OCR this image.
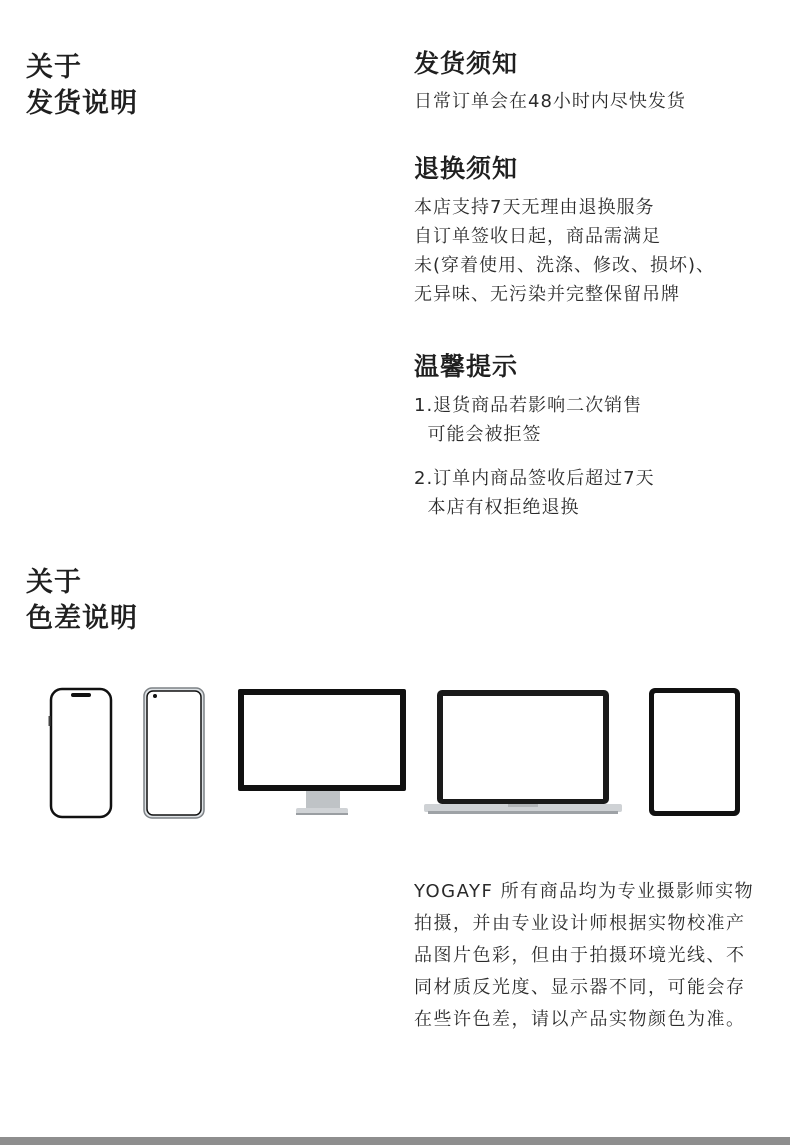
关于
发货说明
发货须知
日常订单会在48小时内尽快发货
退换须知
本店支持7天无理由退换服务
自订单签收日起，商品需满足
未(穿着使用、洗涤、修改、损坏)、
无异味、无污染并完整保留吊牌
温馨提示
1.退货商品若影响二次销售
可能会被拒签
2.订单内商品签收后超过7天
本店有权拒绝退换
关于
色差说明
YOGAYF 所有商品均为专业摄影师实物拍摄，并由专业设计师根据实物校准产品图片色彩，但由于拍摄环境光线、不同材质反光度、显示器不同，可能会存在些许色差，请以产品实物颜色为准。
